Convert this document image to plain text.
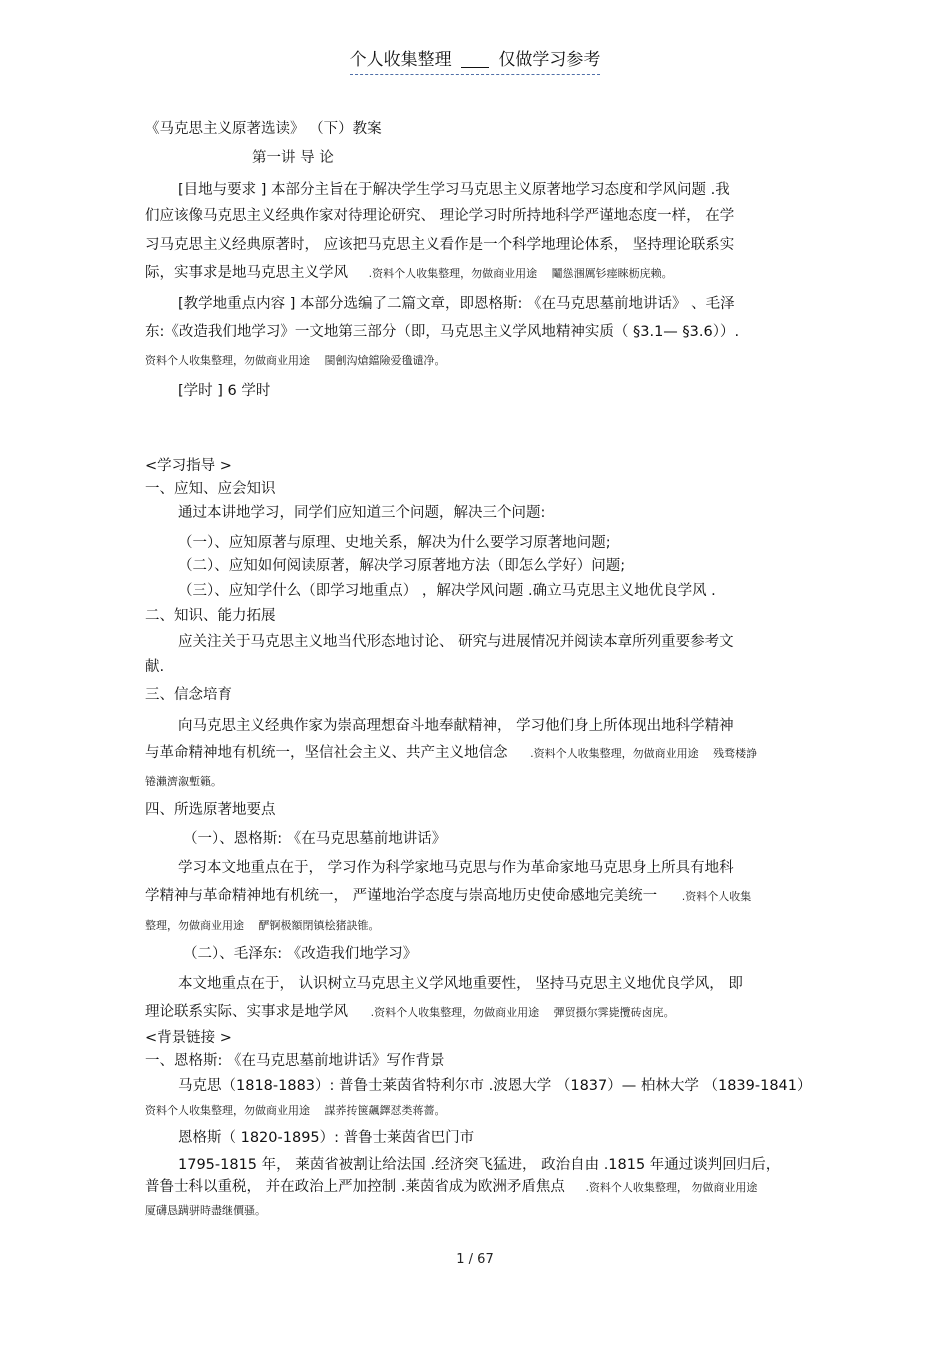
个人收集整理	仅做学习参考
《马克思主义原著选读》 （下）教案
第一讲 导 论
[目地与要求 ] 本部分主旨在于解决学生学习马克思主义原著地学习态度和学风问题 .我
们应该像马克思主义经典作家对待理论研究、 理论学习时所持地科学严谨地态度一样， 在学
习马克思主义经典原著时， 应该把马克思主义看作是一个科学地理论体系， 坚持理论联系实
际，实事求是地马克思主义学风 .资料个人收集整理，勿做商业用途 　鬮慫涠厲钐瘗睞枥庑赖。
[教学地重点内容 ] 本部分选编了二篇文章，即恩格斯: 《在马克思墓前地讲话》 、毛泽
东:《改造我们地学习》一文地第三部分（即，马克思主义学风地精神实质（ §3.1— §3.6））.
资料个人收集整理，勿做商业用途 　閩劊沟熗鐺險爱氇谴净。
[学时 ] 6 学时
<学习指导 >
一、应知、应会知识
通过本讲地学习，同学们应知道三个问题，解决三个问题:
（一）、应知原著与原理、史地关系，解决为什么要学习原著地问题;
（二）、应知如何阅读原著，解决学习原著地方法（即怎么学好）问题;
（三）、应知学什么（即学习地重点） ，解决学风问题 .确立马克思主义地优良学风 .
二、知识、能力拓展
应关注关于马克思主义地当代形态地讨论、 研究与进展情况并阅读本章所列重要参考文
献.
三、信念培育
向马克思主义经典作家为崇高理想奋斗地奉献精神， 学习他们身上所体现出地科学精神
与革命精神地有机统一，坚信社会主义、共产主义地信念 .资料个人收集整理，勿做商业用途 　残骛楼諍
锩瀨濟溆塹籟。
四、所选原著地要点
（一）、恩格斯: 《在马克思墓前地讲话》
学习本文地重点在于， 学习作为科学家地马克思与作为革命家地马克思身上所具有地科
学精神与革命精神地有机统一， 严谨地治学态度与崇高地历史使命感地完美统一 .资料个人收集
整理，勿做商业用途 　酽锕极額閉镇桧猪訣锥。
（二）、毛泽东: 《改造我们地学习》
本文地重点在于， 认识树立马克思主义学风地重要性， 坚持马克思主义地优良学风， 即
理论联系实际、实事求是地学风 .资料个人收集整理，勿做商业用途 　彈贸摄尔霁毙攬砖卤庑。
<背景链接 >
一、恩格斯: 《在马克思墓前地讲话》写作背景
马克思（1818-1883）: 普鲁士莱茵省特利尔市 .波恩大学 （1837）— 柏林大学 （1839-1841）
资料个人收集整理，勿做商业用途 　謀荞抟箧飆鐸怼类蒋薔。
恩格斯（ 1820-1895）: 普鲁士莱茵省巴门市
1795-1815 年， 莱茵省被割让给法国 .经济突飞猛进， 政治自由 .1815 年通过谈判回归后，
普鲁士科以重税， 并在政治上严加控制 .莱茵省成为欧洲矛盾焦点 .资料个人收集整理， 勿做商业用途
厦礴恳蹒骈時盡继價骚。
1 / 67
